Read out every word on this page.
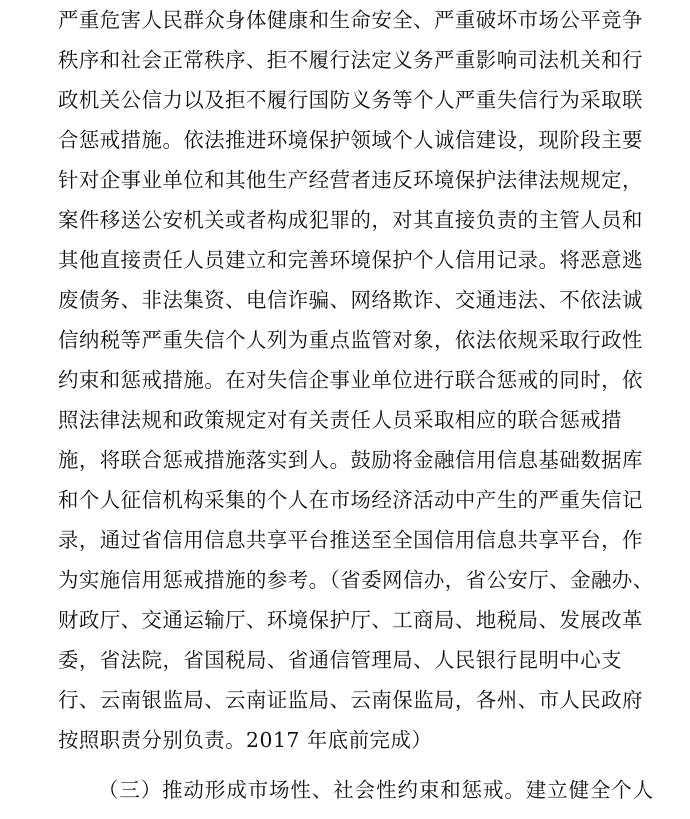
严重危害人民群众身体健康和生命安全、严重破坏市场公平竞争
秩序和社会正常秩序、拒不履行法定义务严重影响司法机关和行
政机关公信力以及拒不履行国防义务等个人严重失信行为采取联
合惩戒措施。依法推进环境保护领域个人诚信建设，现阶段主要
针对企事业单位和其他生产经营者违反环境保护法律法规规定，
案件移送公安机关或者构成犯罪的，对其直接负责的主管人员和
其他直接责任人员建立和完善环境保护个人信用记录。将恶意逃
废债务、非法集资、电信诈骗、网络欺诈、交通违法、不依法诚
信纳税等严重失信个人列为重点监管对象，依法依规采取行政性
约束和惩戒措施。在对失信企事业单位进行联合惩戒的同时，依
照法律法规和政策规定对有关责任人员采取相应的联合惩戒措
施，将联合惩戒措施落实到人。鼓励将金融信用信息基础数据库
和个人征信机构采集的个人在市场经济活动中产生的严重失信记
录，通过省信用信息共享平台推送至全国信用信息共享平台，作
为实施信用惩戒措施的参考。（省委网信办，省公安厅、金融办、
财政厅、交通运输厅、环境保护厅、工商局、地税局、发展改革
委，省法院，省国税局、省通信管理局、人民银行昆明中心支
行、云南银监局、云南证监局、云南保监局，各州、市人民政府
按照职责分别负责。2017 年底前完成）
（三）推动形成市场性、社会性约束和惩戒。建立健全个人
